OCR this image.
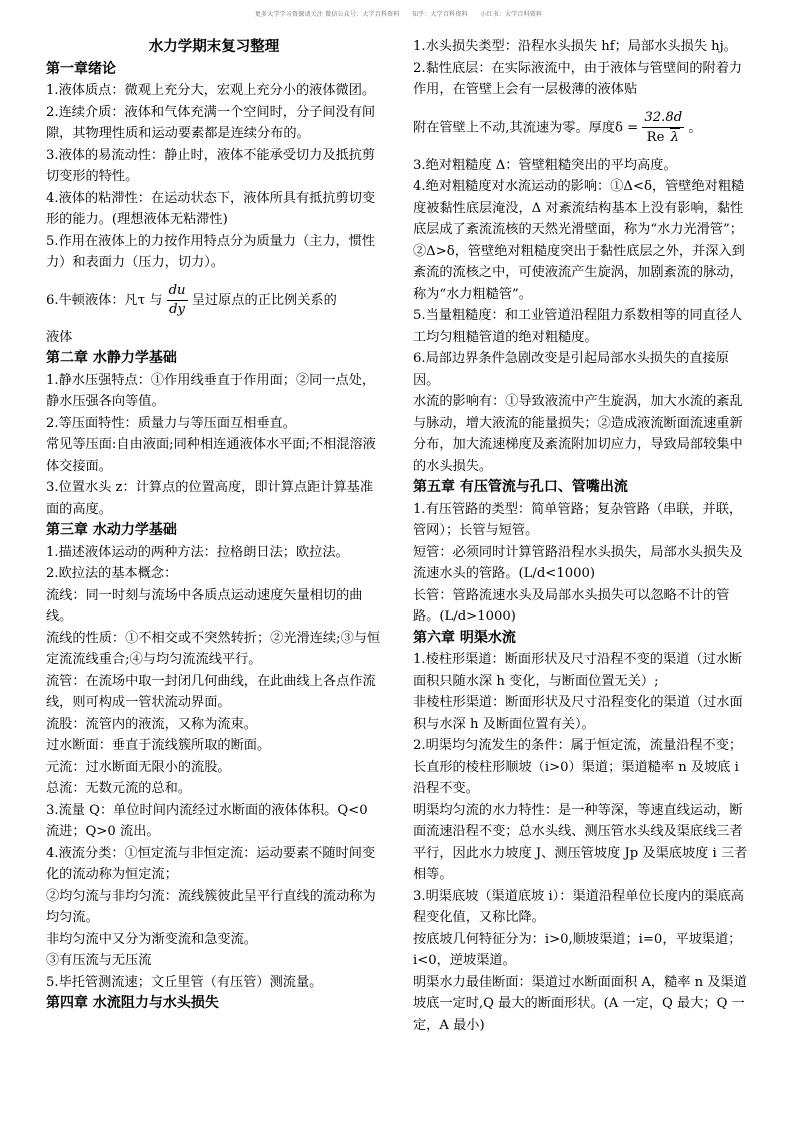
更多大学学习资源请关注 微信公众号：大学百科资料　　知乎：大学百科资料　　小红书：大学百科资料

水力学期末复习整理

第一章绪论

1.液体质点：微观上充分大，宏观上充分小的液体微团。

2.连续介质：液体和气体充满一个空间时，分子间没有间隙，其物理性质和运动要素都是连续分布的。

3.液体的易流动性：静止时，液体不能承受切力及抵抗剪切变形的特性。

4.液体的粘滞性：在运动状态下，液体所具有抵抗剪切变形的能力。(理想液体无粘滞性)

5.作用在液体上的力按作用特点分为质量力（主力，惯性力）和表面力（压力，切力）。

6.牛顿液体：凡τ 与 $\frac{du}{dy}$ 呈过原点的正比例关系的

液体

第二章 水静力学基础

1.静水压强特点：①作用线垂直于作用面；②同一点处，静水压强各向等值。

2.等压面特性：质量力与等压面互相垂直。

常见等压面:自由液面;同种相连通液体水平面;不相混溶液体交接面。

3.位置水头 z：计算点的位置高度，即计算点距计算基准面的高度。

第三章 水动力学基础

1.描述液体运动的两种方法：拉格朗日法；欧拉法。

2.欧拉法的基本概念：

流线：同一时刻与流场中各质点运动速度矢量相切的曲线。

流线的性质：①不相交或不突然转折；②光滑连续;③与恒定流流线重合;④与均匀流流线平行。

流管：在流场中取一封闭几何曲线，在此曲线上各点作流线，则可构成一管状流动界面。

流股：流管内的液流，又称为流束。

过水断面：垂直于流线簇所取的断面。

元流：过水断面无限小的流股。

总流：无数元流的总和。

3.流量 Q：单位时间内流经过水断面的液体体积。Q<0 流进；Q>0 流出。

4.液流分类：①恒定流与非恒定流：运动要素不随时间变化的流动称为恒定流；

②均匀流与非均匀流：流线簇彼此呈平行直线的流动称为均匀流。

非均匀流中又分为渐变流和急变流。

③有压流与无压流

5.毕托管测流速；文丘里管（有压管）测流量。

第四章 水流阻力与水头损失

1.水头损失类型：沿程水头损失 hf；局部水头损失 hj。

2.黏性底层：在实际液流中，由于液体与管壁间的附着力作用，在管壁上会有一层极薄的液体贴

附在管壁上不动,其流速为零。厚度$\delta = \frac{32.8d}{\text{Re λ}}$ 。

3.绝对粗糙度 Δ：管壁粗糙突出的平均高度。

4.绝对粗糙度对水流运动的影响：①Δ<δ，管壁绝对粗糙度被黏性底层淹没，Δ 对紊流结构基本上没有影响，黏性底层成了紊流流核的天然光滑壁面，称为“水力光滑管”；②Δ>δ，管壁绝对粗糙度突出于黏性底层之外，并深入到紊流的流核之中，可使液流产生旋涡，加剧紊流的脉动，称为“水力粗糙管”。

5.当量粗糙度：和工业管道沿程阻力系数相等的同直径人工均匀粗糙管道的绝对粗糙度。

6.局部边界条件急剧改变是引起局部水头损失的直接原因。

水流的影响有：①导致液流中产生旋涡，加大水流的紊乱与脉动，增大液流的能量损失；②造成液流断面流速重新分布，加大流速梯度及紊流附加切应力，导致局部较集中的水头损失。

第五章 有压管流与孔口、管嘴出流

1.有压管路的类型：简单管路；复杂管路（串联，并联，管网）；长管与短管。

短管：必须同时计算管路沿程水头损失，局部水头损失及流速水头的管路。(L/d<1000)

长管：管路流速水头及局部水头损失可以忽略不计的管路。(L/d>1000)

第六章 明渠水流

1.棱柱形渠道：断面形状及尺寸沿程不变的渠道（过水断面积只随水深 h 变化，与断面位置无关）;

非棱柱形渠道：断面形状及尺寸沿程变化的渠道（过水面积与水深 h 及断面位置有关）。

2.明渠均匀流发生的条件：属于恒定流，流量沿程不变；长直形的棱柱形顺坡（i>0）渠道；渠道糙率 n 及坡底 i 沿程不变。

明渠均匀流的水力特性：是一种等深，等速直线运动，断面流速沿程不变；总水头线、测压管水头线及渠底线三者平行，因此水力坡度 J、测压管坡度 Jp 及渠底坡度 i 三者相等。

3.明渠底坡（渠道底坡 i）：渠道沿程单位长度内的渠底高程变化值，又称比降。

按底坡几何特征分为：i>0,顺坡渠道；i=0，平坡渠道；i<0，逆坡渠道。

明渠水力最佳断面：渠道过水断面面积 A，糙率 n 及渠道坡底一定时,Q 最大的断面形状。(A 一定，Q 最大；Q 一定，A 最小)
